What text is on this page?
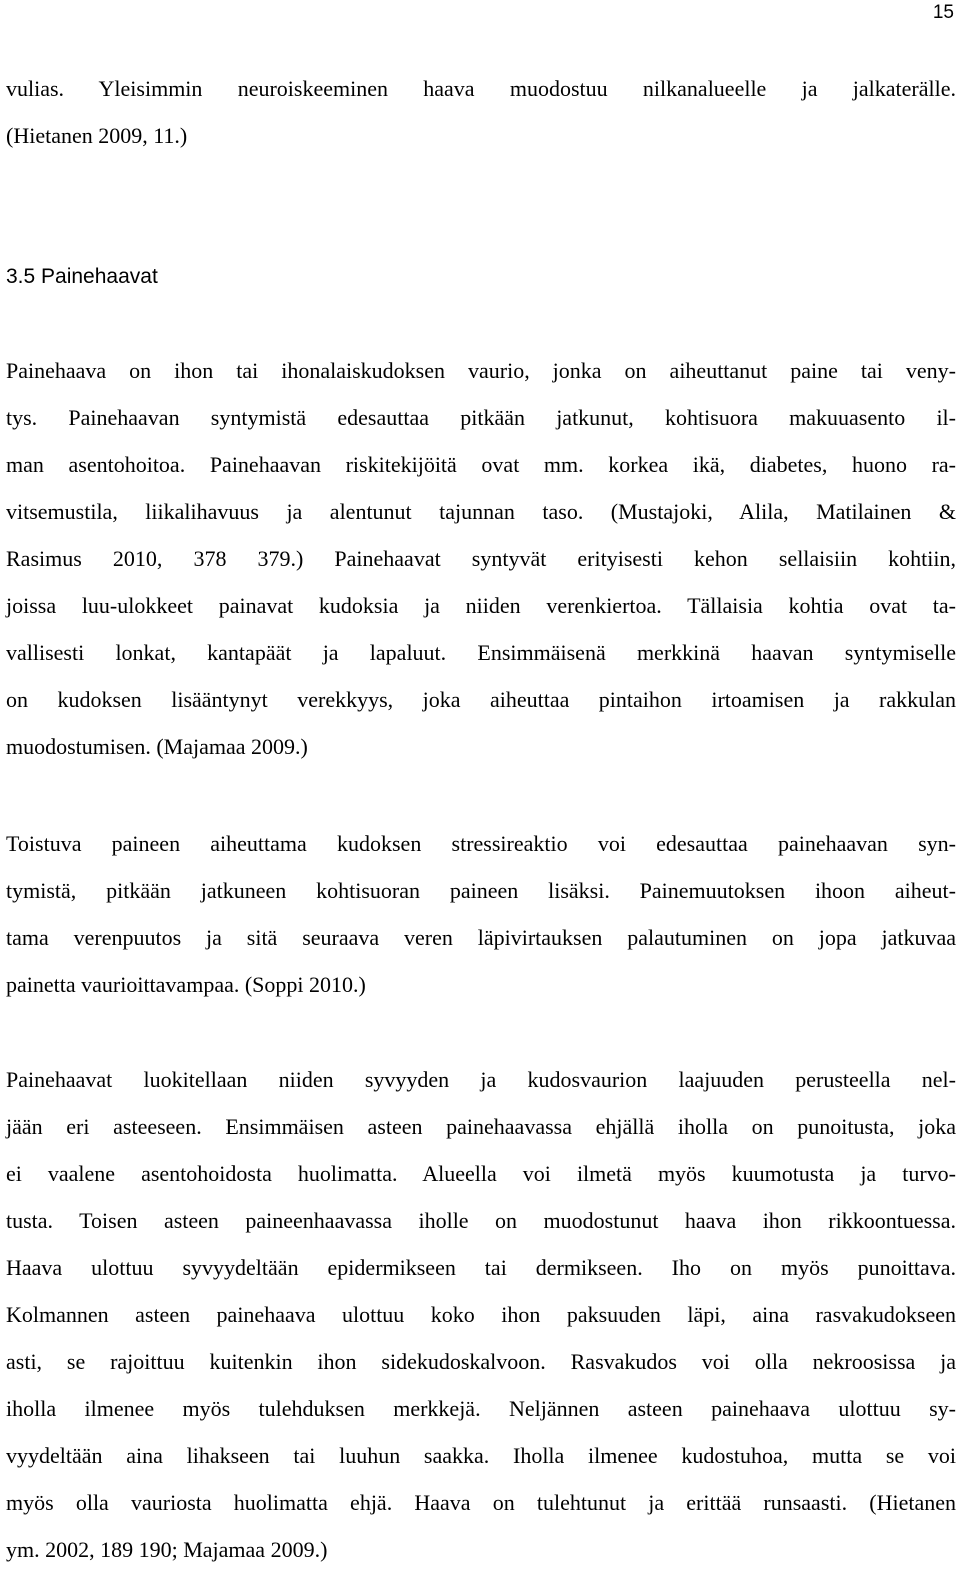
15
vulias. Yleisimmin neuroiskeeminen haava muodostuu nilkanalueelle ja jalkaterälle.
(Hietanen 2009, 11.)
3.5 Painehaavat
Painehaava on ihon tai ihonalaiskudoksen vaurio, jonka on aiheuttanut paine tai veny-
tys. Painehaavan syntymistä edesauttaa pitkään jatkunut, kohtisuora makuuasento il-
man asentohoitoa. Painehaavan riskitekijöitä ovat mm. korkea ikä, diabetes, huono ra-
vitsemustila, liikalihavuus ja alentunut tajunnan taso. (Mustajoki, Alila, Matilainen &
Rasimus 2010, 378 379.) Painehaavat syntyvät erityisesti kehon sellaisiin kohtiin,
joissa luu-ulokkeet painavat kudoksia ja niiden verenkiertoa. Tällaisia kohtia ovat ta-
vallisesti lonkat, kantapäät ja lapaluut. Ensimmäisenä merkkinä haavan syntymiselle
on kudoksen lisääntynyt verekkyys, joka aiheuttaa pintaihon irtoamisen ja rakkulan
muodostumisen. (Majamaa 2009.)
Toistuva paineen aiheuttama kudoksen stressireaktio voi edesauttaa painehaavan syn-
tymistä, pitkään jatkuneen kohtisuoran paineen lisäksi. Painemuutoksen ihoon aiheut-
tama verenpuutos ja sitä seuraava veren läpivirtauksen palautuminen on jopa jatkuvaa
painetta vaurioittavampaa. (Soppi 2010.)
Painehaavat luokitellaan niiden syvyyden ja kudosvaurion laajuuden perusteella nel-
jään eri asteeseen. Ensimmäisen asteen painehaavassa ehjällä iholla on punoitusta, joka
ei vaalene asentohoidosta huolimatta. Alueella voi ilmetä myös kuumotusta ja turvo-
tusta. Toisen asteen paineenhaavassa iholle on muodostunut haava ihon rikkoontuessa.
Haava ulottuu syvyydeltään epidermikseen tai dermikseen. Iho on myös punoittava.
Kolmannen asteen painehaava ulottuu koko ihon paksuuden läpi, aina rasvakudokseen
asti, se rajoittuu kuitenkin ihon sidekudoskalvoon. Rasvakudos voi olla nekroosissa ja
iholla ilmenee myös tulehduksen merkkejä. Neljännen asteen painehaava ulottuu sy-
vyydeltään aina lihakseen tai luuhun saakka. Iholla ilmenee kudostuhoa, mutta se voi
myös olla vauriosta huolimatta ehjä. Haava on tulehtunut ja erittää runsaasti. (Hietanen
ym. 2002, 189 190; Majamaa 2009.)
